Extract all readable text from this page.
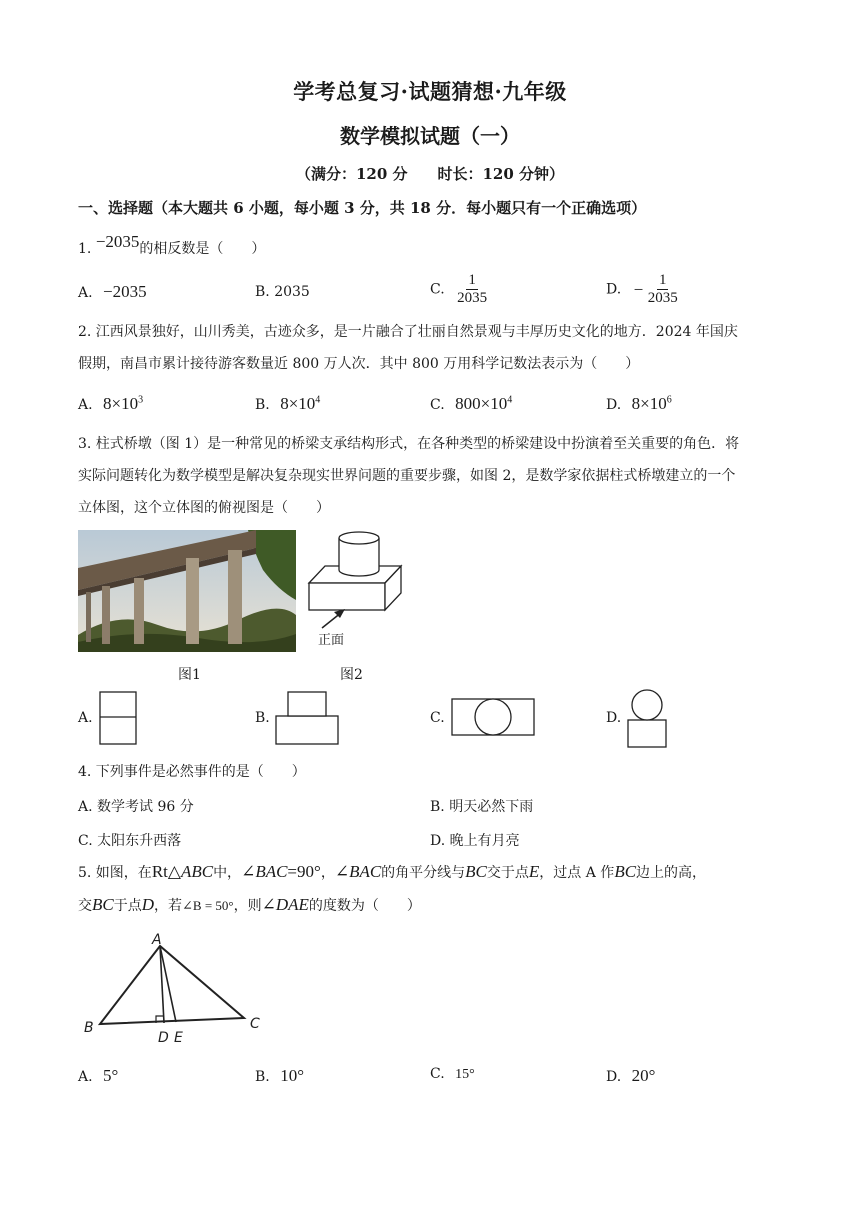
学考总复习·试题猜想·九年级
数学模拟试题（一）
（满分：120 分　　时长：120 分钟）
一、选择题（本大题共 6 小题，每小题 3 分，共 18 分．每小题只有一个正确选项）
1. −2035的相反数是（　　）
A. −2035	B. 2035	C. $\frac{1}{2035}$	D. − $\frac{1}{2035}$
2. 江西风景独好，山川秀美，古迹众多，是一片融合了壮丽自然景观与丰厚历史文化的地方．2024 年国庆
假期，南昌市累计接待游客数量近 800 万人次．其中 800 万用科学记数法表示为（　　）
A. $8\times 10^3$	B. $8\times 10^4$	C. $800\times 10^4$	D. $8\times 10^6$
3. 柱式桥墩（图 1）是一种常见的桥梁支承结构形式，在各种类型的桥梁建设中扮演着至关重要的角色．将
实际问题转化为数学模型是解决复杂现实世界问题的重要步骤，如图 2，是数学家依据柱式桥墩建立的一个
立体图，这个立体图的俯视图是（　　）
正面
图1	图2
A.	B.	C.	D.
4. 下列事件是必然事件的是（　　）
A. 数学考试 96 分	B. 明天必然下雨
C. 太阳东升西落	D. 晚上有月亮
5. 如图，在Rt△ABC中，∠BAC=90°，∠BAC的角平分线与BC交于点E，过点 A 作BC边上的高，
交BC于点D，若∠B = 50°，则∠DAE的度数为（　　）
A
B	C
D E
A. 5°	B. 10°	C. 15°	D. 20°
